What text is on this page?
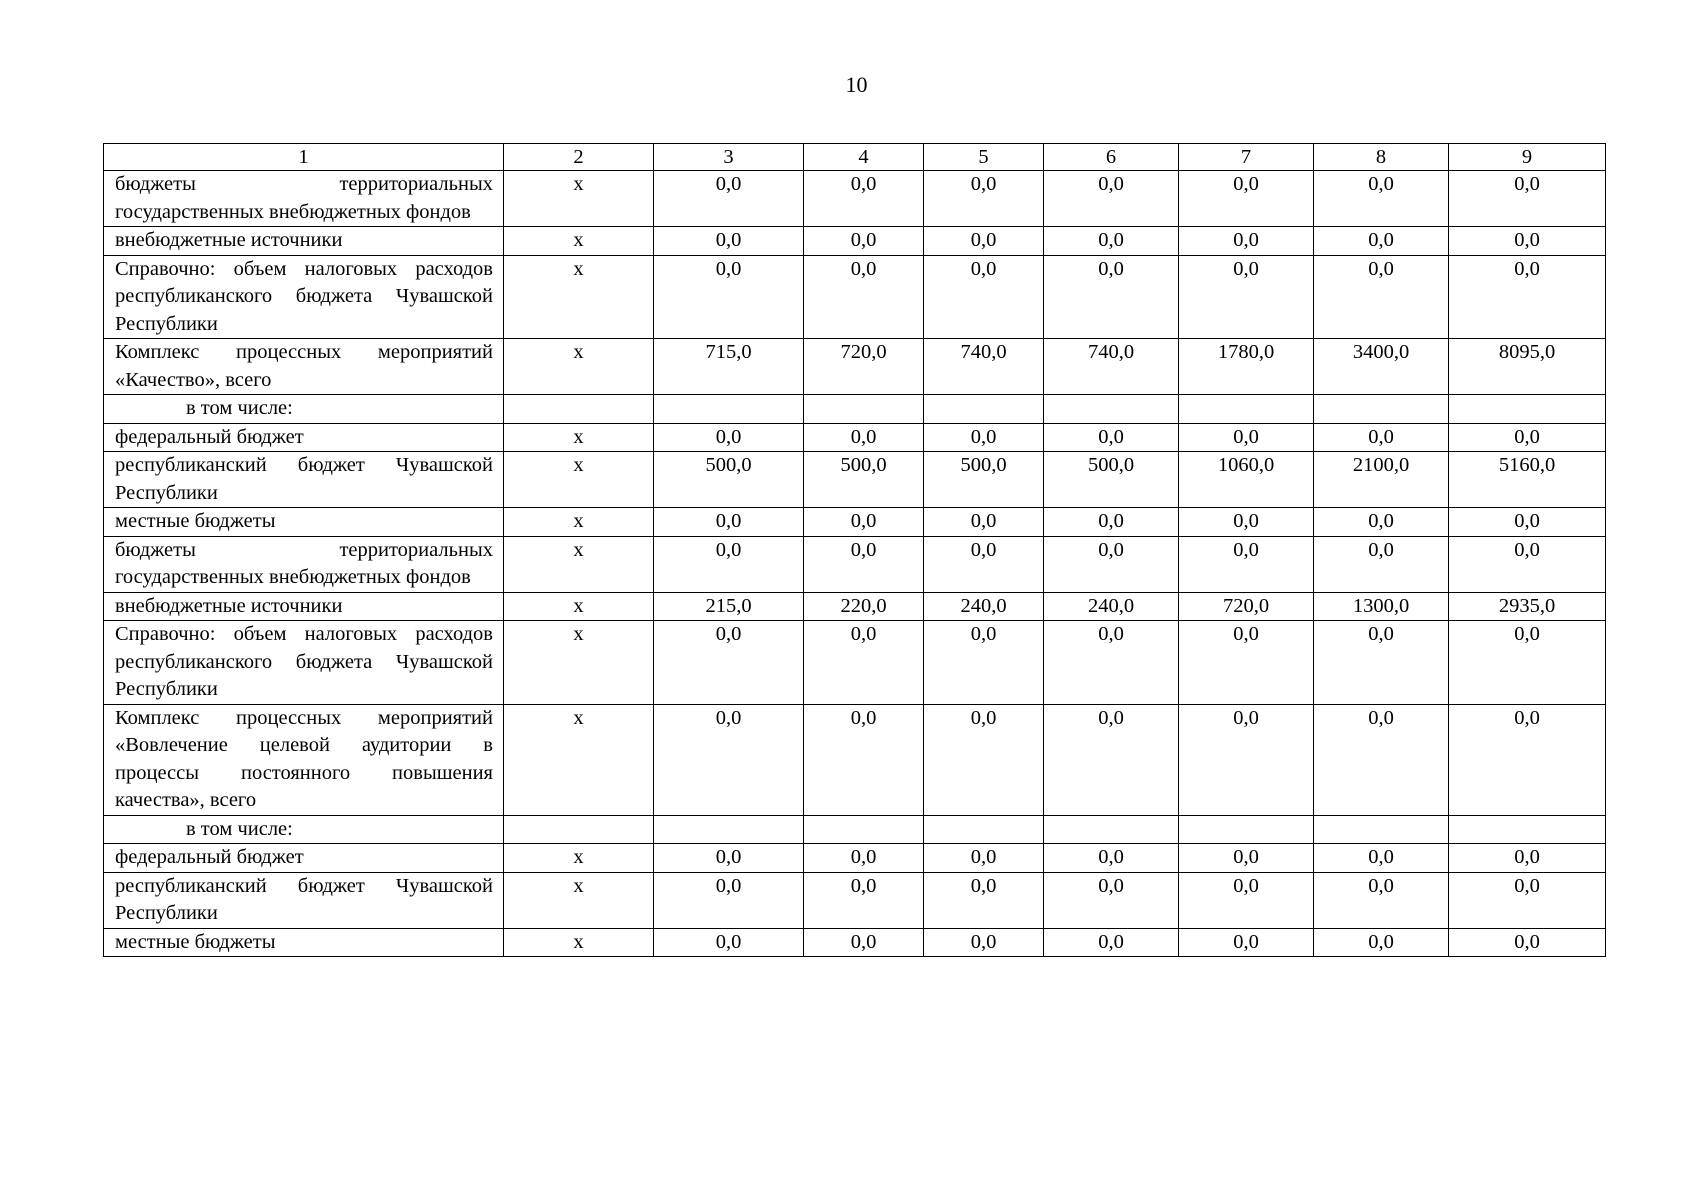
10
1	2	3	4	5	6	7	8	9
бюджеты территориальных государственных внебюджетных фондов	х	0,0	0,0	0,0	0,0	0,0	0,0	0,0
внебюджетные источники	х	0,0	0,0	0,0	0,0	0,0	0,0	0,0
Справочно: объем налоговых расходов республиканского бюджета Чувашской Республики	х	0,0	0,0	0,0	0,0	0,0	0,0	0,0
Комплекс процессных мероприятий «Качество», всего	х	715,0	720,0	740,0	740,0	1780,0	3400,0	8095,0
в том числе:								
федеральный бюджет	х	0,0	0,0	0,0	0,0	0,0	0,0	0,0
республиканский бюджет Чувашской Республики	х	500,0	500,0	500,0	500,0	1060,0	2100,0	5160,0
местные бюджеты	х	0,0	0,0	0,0	0,0	0,0	0,0	0,0
бюджеты территориальных государственных внебюджетных фондов	х	0,0	0,0	0,0	0,0	0,0	0,0	0,0
внебюджетные источники	х	215,0	220,0	240,0	240,0	720,0	1300,0	2935,0
Справочно: объем налоговых расходов республиканского бюджета Чувашской Республики	х	0,0	0,0	0,0	0,0	0,0	0,0	0,0
Комплекс процессных мероприятий «Вовлечение целевой аудитории в процессы постоянного повышения качества», всего	х	0,0	0,0	0,0	0,0	0,0	0,0	0,0
в том числе:								
федеральный бюджет	х	0,0	0,0	0,0	0,0	0,0	0,0	0,0
республиканский бюджет Чувашской Республики	х	0,0	0,0	0,0	0,0	0,0	0,0	0,0
местные бюджеты	х	0,0	0,0	0,0	0,0	0,0	0,0	0,0
